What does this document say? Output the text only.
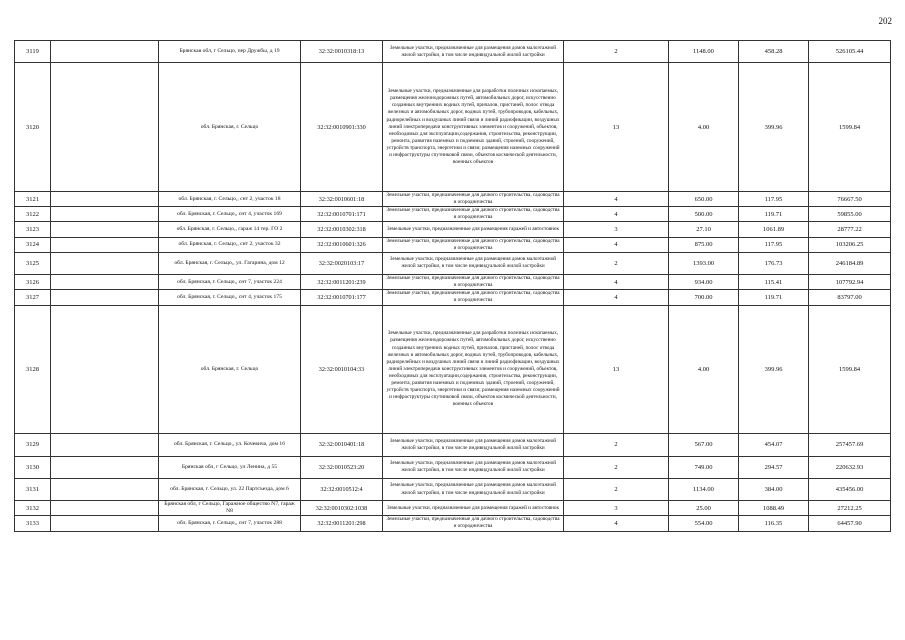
202
3119		Брянская обл, г Сельцо, пер Дружбы, д 19	32:32:0010318:13	Земельные участки, предназначенные для размещения домов малоэтажной жилой застройки, в том числе индивидуальной жилой застройки	2	1148.00	458.28	526105.44
3120		обл. Брянская, г. Сельцо	32:32:0010901:330	Земельные участки, предназначенные для разработки полезных ископаемых, размещения железнодорожных путей, автомобильных дорог, искусственно созданных внутренних водных путей, причалов, пристаней, полос отвода железных и автомобильных дорог, водных путей, трубопроводов, кабельных, радиорелейных и воздушных линий связи и линий радиофикации, воздушных линий электропередачи конструктивных элементов и сооружений, объектов, необходимых для эксплуатации,содержания, строительства, реконструкции, ремонта, развития наземных и подземных зданий, строений, сооружений, устройств транспорта, энергетики и связи; размещения наземных сооружений и инфраструктуры спутниковой связи, объектов космической деятельности, военных объектов	13	4.00	399.96	1599.84
3121		обл. Брянская, г. Сельцо,, снт 2, участок 18	32:32:0010601:18	Земельные участки, предназначенные для дачного строительства, садоводства и огородничества	4	650.00	117.95	76667.50
3122		обл. Брянская, г. Сельцо,, снт 4, участок 169	32:32:0010701:171	Земельные участки, предназначенные для дачного строительства, садоводства и огородничества	4	500.00	119.71	59855.00
3123		обл. Брянская, г. Сельцо,, гараж 14 тер. ГО 2	32:32:0010302:318	Земельные участки, предназначенные для размещения гаражей и автостоянок	3	27.10	1061.89	28777.22
3124		обл. Брянская, г. Сельцо,, снт 2, участок 32	32:32:0010601:326	Земельные участки, предназначенные для дачного строительства, садоводства и огородничества	4	875.00	117.95	103206.25
3125		обл. Брянская, г. Сельцо,, ул. Гагарина, дом 12	32:32:0020103:17	Земельные участки, предназначенные для размещения домов малоэтажной жилой застройки, в том числе индивидуальной жилой застройки	2	1393.00	176.73	246184.89
3126		обл. Брянская, г. Сельцо,, снт 7, участок 224	32:32:0011201:239	Земельные участки, предназначенные для дачного строительства, садоводства и огородничества	4	934.00	115.41	107792.94
3127		обл. Брянская, г. Сельцо,, снт 4, участок 175	32:32:0010701:177	Земельные участки, предназначенные для дачного строительства, садоводства и огородничества	4	700.00	119.71	83797.00
3128		обл. Брянская, г. Сельцо	32:32:0010104:33	Земельные участки, предназначенные для разработки полезных ископаемых, размещения железнодорожных путей, автомобильных дорог, искусственно созданных внутренних водных путей, причалов, пристаней, полос отвода железных и автомобильных дорог, водных путей, трубопроводов, кабельных, радиорелейных и воздушных линий связи и линий радиофикации, воздушных линий электропередачи конструктивных элементов и сооружений, объектов, необходимых для эксплуатации,содержания, строительства, реконструкции, ремонта, развития наземных и подземных зданий, строений, сооружений, устройств транспорта, энергетики и связи; размещения наземных сооружений и инфраструктуры спутниковой связи, объектов космической деятельности, военных объектов	13	4.00	399.96	1599.84
3129		обл. Брянская, г. Сельцо,, ул. Кочевича, дом 16	32:32:0010401:18	Земельные участки, предназначенные для размещения домов малоэтажной жилой застройки, в том числе индивидуальной жилой застройки	2	567.00	454.07	257457.69
3130		Брянская обл, г Сельцо, ул Ленина, д 55	32:32:0010523:20	Земельные участки, предназначенные для размещения домов малоэтажной жилой застройки, в том числе индивидуальной жилой застройки	2	749.00	294.57	220632.93
3131		обл. Брянская, г. Сельцо, ул. 22 Партсъезда, дом 6	32:32:0010512:4	Земельные участки, предназначенные для размещения домов малоэтажной жилой застройки, в том числе индивидуальной жилой застройки	2	1134.00	384.00	435456.00
3132		Брянская обл, г Сельцо, Гаражное общество N7, гараж N8	32:32:0010302:1038	Земельные участки, предназначенные для размещения гаражей и автостоянок	3	25.00	1088.49	27212.25
3133		обл. Брянская, г. Сельцо,, снт 7, участок 288	32:32:0011201:298	Земельные участки, предназначенные для дачного строительства, садоводства и огородничества	4	554.00	116.35	64457.90
